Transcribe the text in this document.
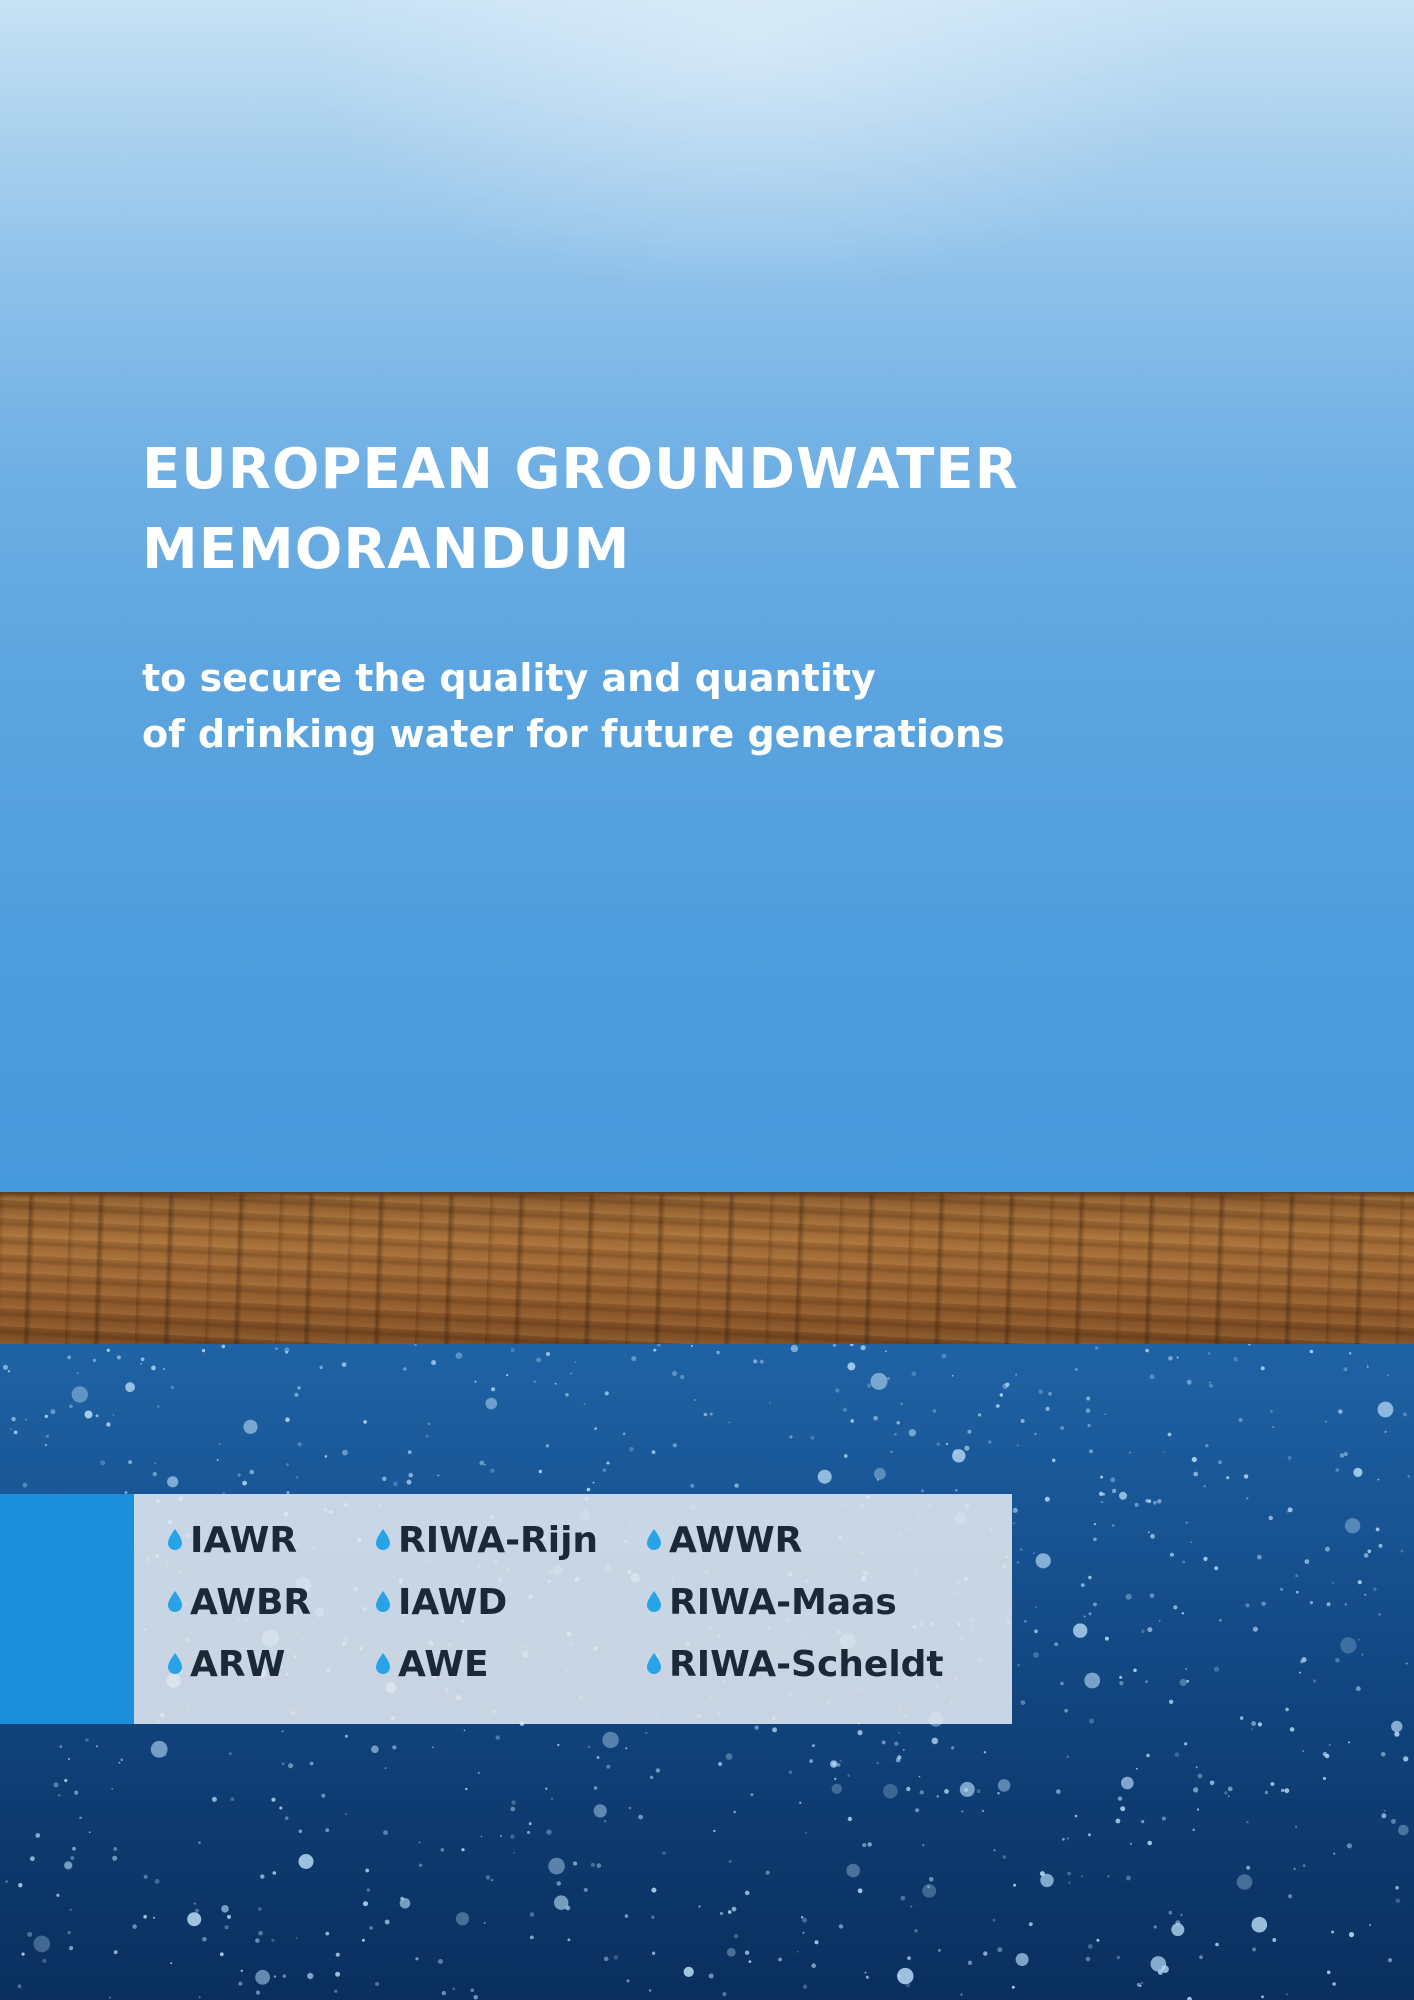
EUROPEAN GROUNDWATER
MEMORANDUM
to secure the quality and quantity
of drinking water for future generations
IAWR
AWBR
ARW
RIWA-Rijn
IAWD
AWE
AWWR
RIWA-Maas
RIWA-Scheldt
